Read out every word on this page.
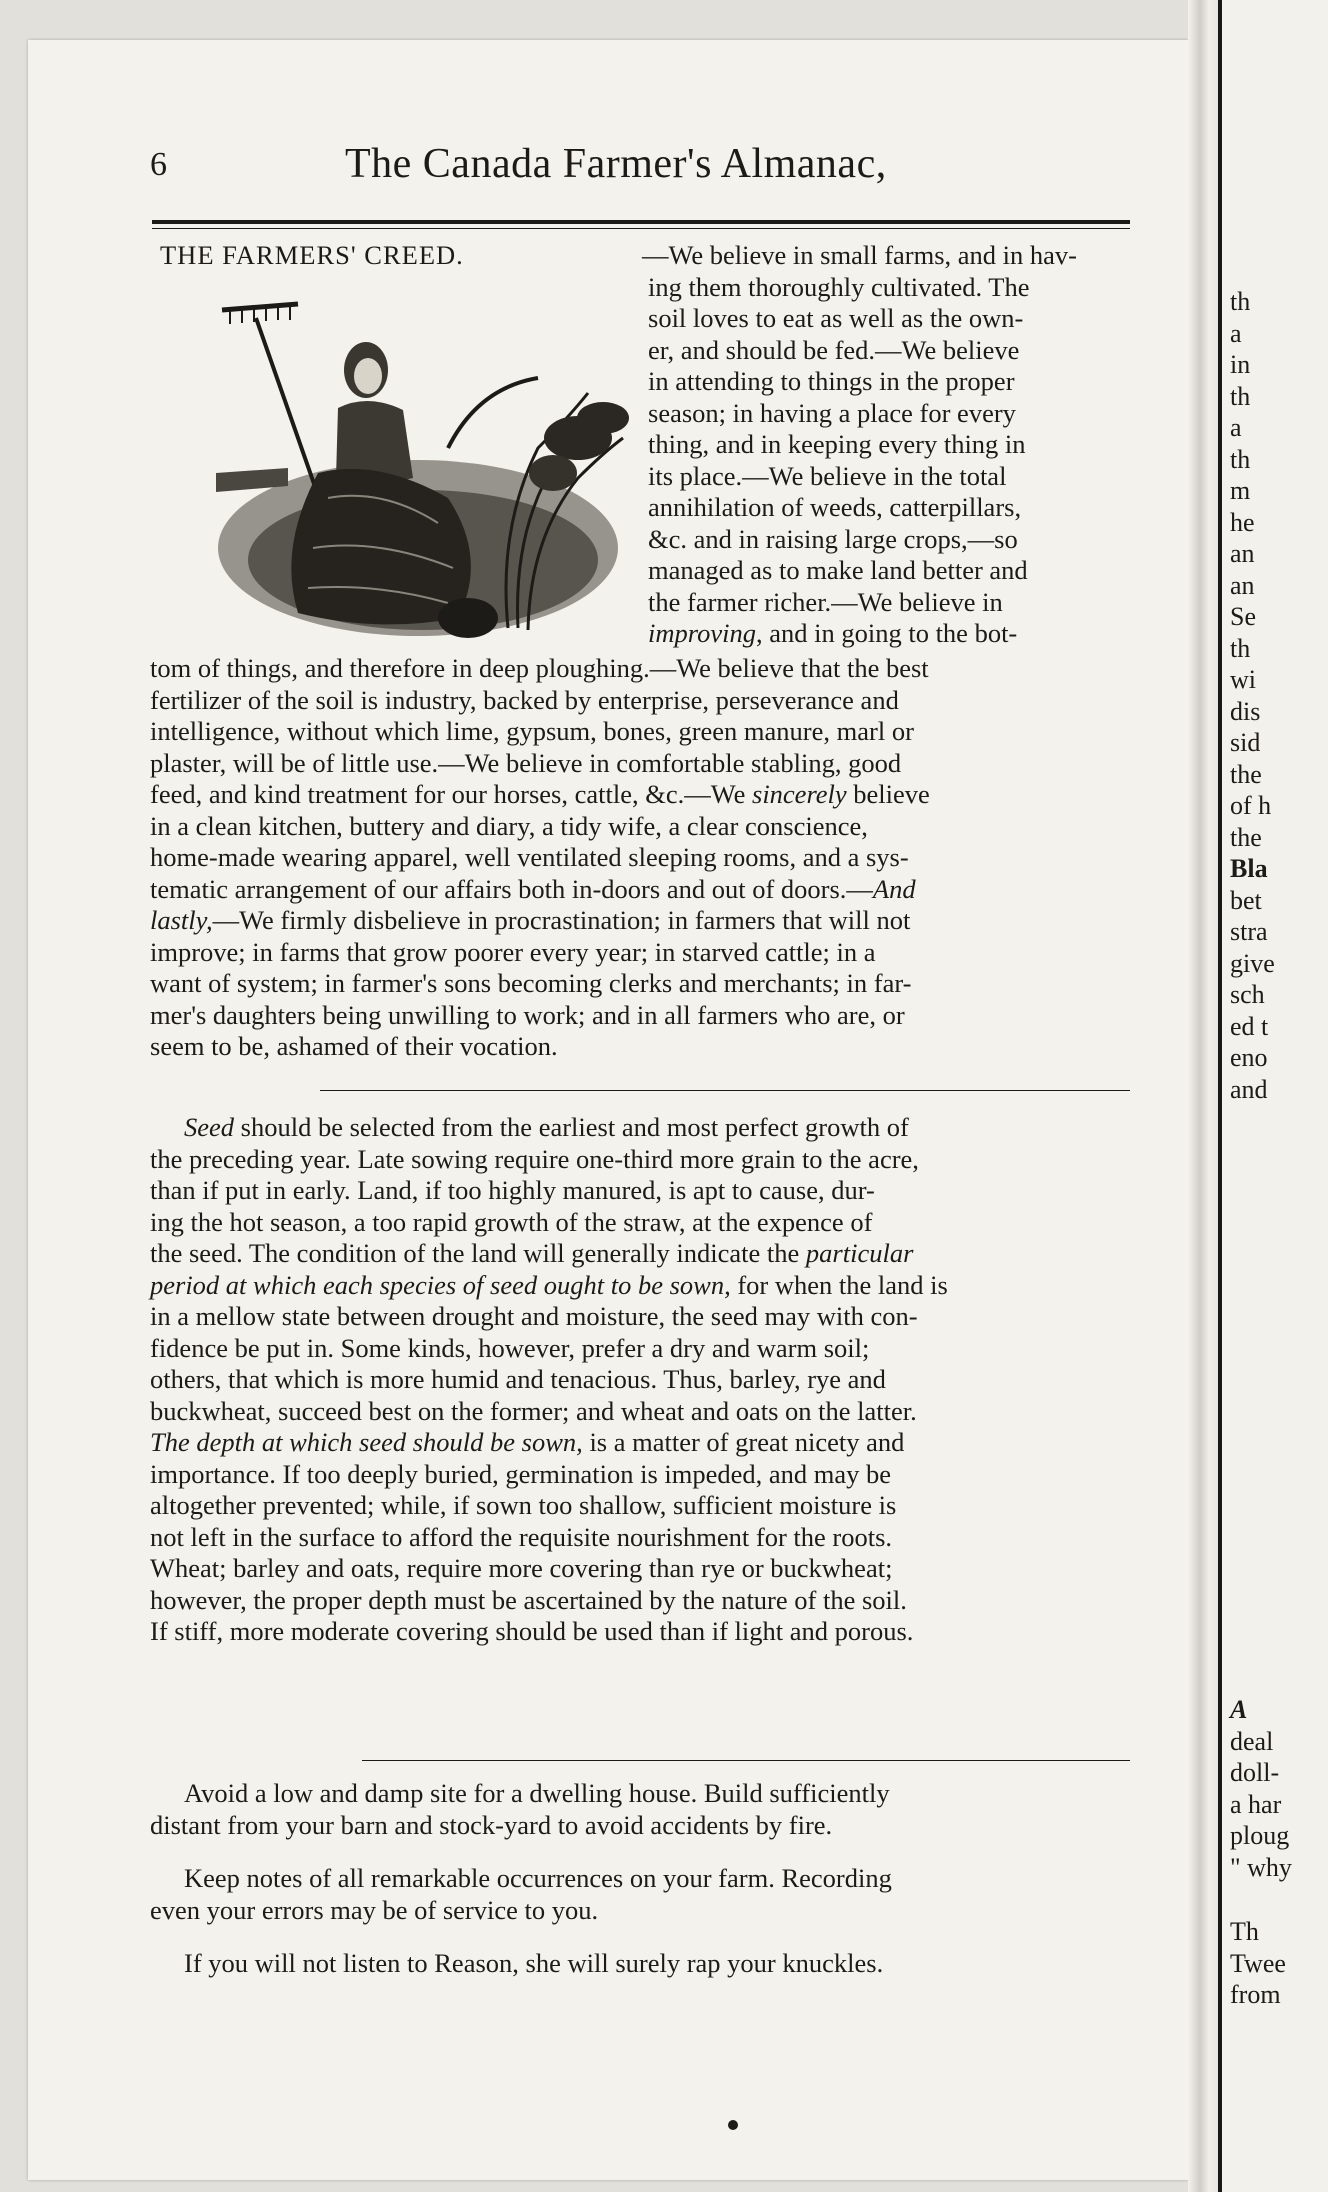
th
a
in
th
a
th
m
he
an
an
Se
th
wi
dis
sid
the
of h
the
Bla
bet
stra
give
sch
ed t
eno
and
A
deal
doll-
a har
ploug
" why
Th
Twee
from
6	The Canada Farmer's Almanac,
THE FARMERS' CREED.	—We believe in small farms, and in hav-
ing them thoroughly cultivated. The
soil loves to eat as well as the own-
er, and should be fed.—We believe
in attending to things in the proper
season; in having a place for every
thing, and in keeping every thing in
its place.—We believe in the total
annihilation of weeds, catterpillars,
&c. and in raising large crops,—so
managed as to make land better and
the farmer richer.—We believe in
improving, and in going to the bot-
tom of things, and therefore in deep ploughing.—We believe that the best
fertilizer of the soil is industry, backed by enterprise, perseverance and
intelligence, without which lime, gypsum, bones, green manure, marl or
plaster, will be of little use.—We believe in comfortable stabling, good
feed, and kind treatment for our horses, cattle, &c.—We sincerely believe
in a clean kitchen, buttery and diary, a tidy wife, a clear conscience,
home-made wearing apparel, well ventilated sleeping rooms, and a sys-
tematic arrangement of our affairs both in-doors and out of doors.—And
lastly,—We firmly disbelieve in procrastination; in farmers that will not
improve; in farms that grow poorer every year; in starved cattle; in a
want of system; in farmer's sons becoming clerks and merchants; in far-
mer's daughters being unwilling to work; and in all farmers who are, or
seem to be, ashamed of their vocation.
Seed should be selected from the earliest and most perfect growth of
the preceding year. Late sowing require one-third more grain to the acre,
than if put in early. Land, if too highly manured, is apt to cause, dur-
ing the hot season, a too rapid growth of the straw, at the expence of
the seed. The condition of the land will generally indicate the particular
period at which each species of seed ought to be sown, for when the land is
in a mellow state between drought and moisture, the seed may with con-
fidence be put in. Some kinds, however, prefer a dry and warm soil;
others, that which is more humid and tenacious. Thus, barley, rye and
buckwheat, succeed best on the former; and wheat and oats on the latter.
The depth at which seed should be sown, is a matter of great nicety and
importance. If too deeply buried, germination is impeded, and may be
altogether prevented; while, if sown too shallow, sufficient moisture is
not left in the surface to afford the requisite nourishment for the roots.
Wheat; barley and oats, require more covering than rye or buckwheat;
however, the proper depth must be ascertained by the nature of the soil.
If stiff, more moderate covering should be used than if light and porous.
Avoid a low and damp site for a dwelling house. Build sufficiently
distant from your barn and stock-yard to avoid accidents by fire.
Keep notes of all remarkable occurrences on your farm. Recording
even your errors may be of service to you.
If you will not listen to Reason, she will surely rap your knuckles.
